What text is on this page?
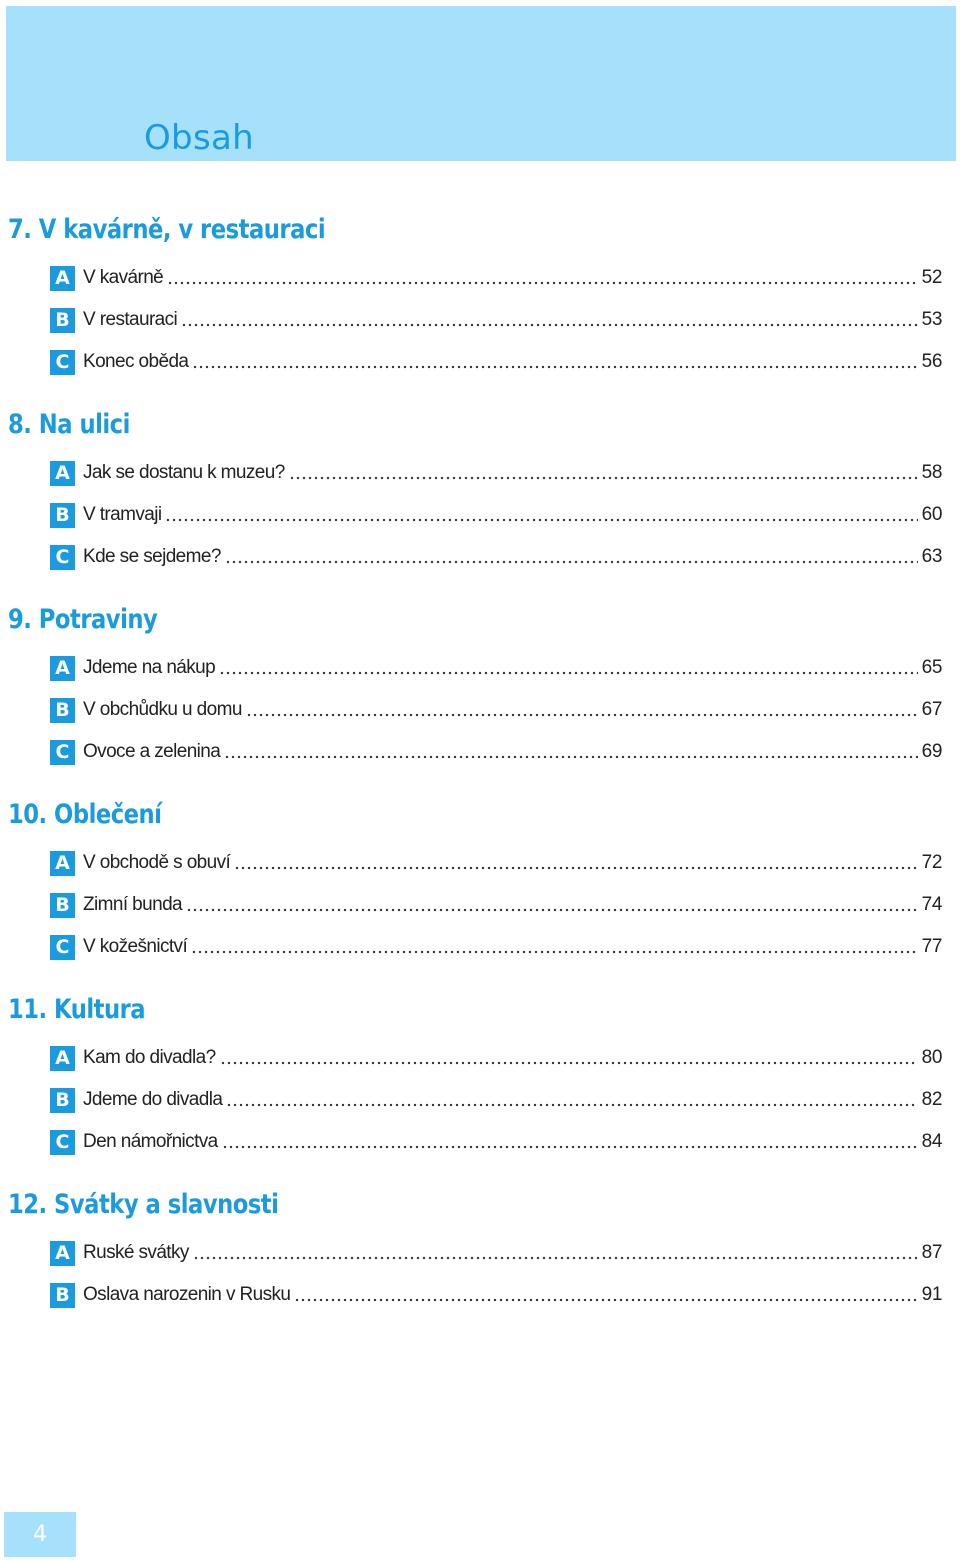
Obsah
7. V kavárně, v restauraci
A V kavárně	52
B V restauraci	53
C Konec oběda	56
8. Na ulici
A Jak se dostanu k muzeu?	58
B V tramvaji	60
C Kde se sejdeme?	63
9. Potraviny
A Jdeme na nákup	65
B V obchůdku u domu	67
C Ovoce a zelenina	69
10. Oblečení
A V obchodě s obuví	72
B Zimní bunda	74
C V kožešnictví	77
11. Kultura
A Kam do divadla?	80
B Jdeme do divadla	82
C Den námořnictva	84
12. Svátky a slavnosti
A Ruské svátky	87
B Oslava narozenin v Rusku	91
4
